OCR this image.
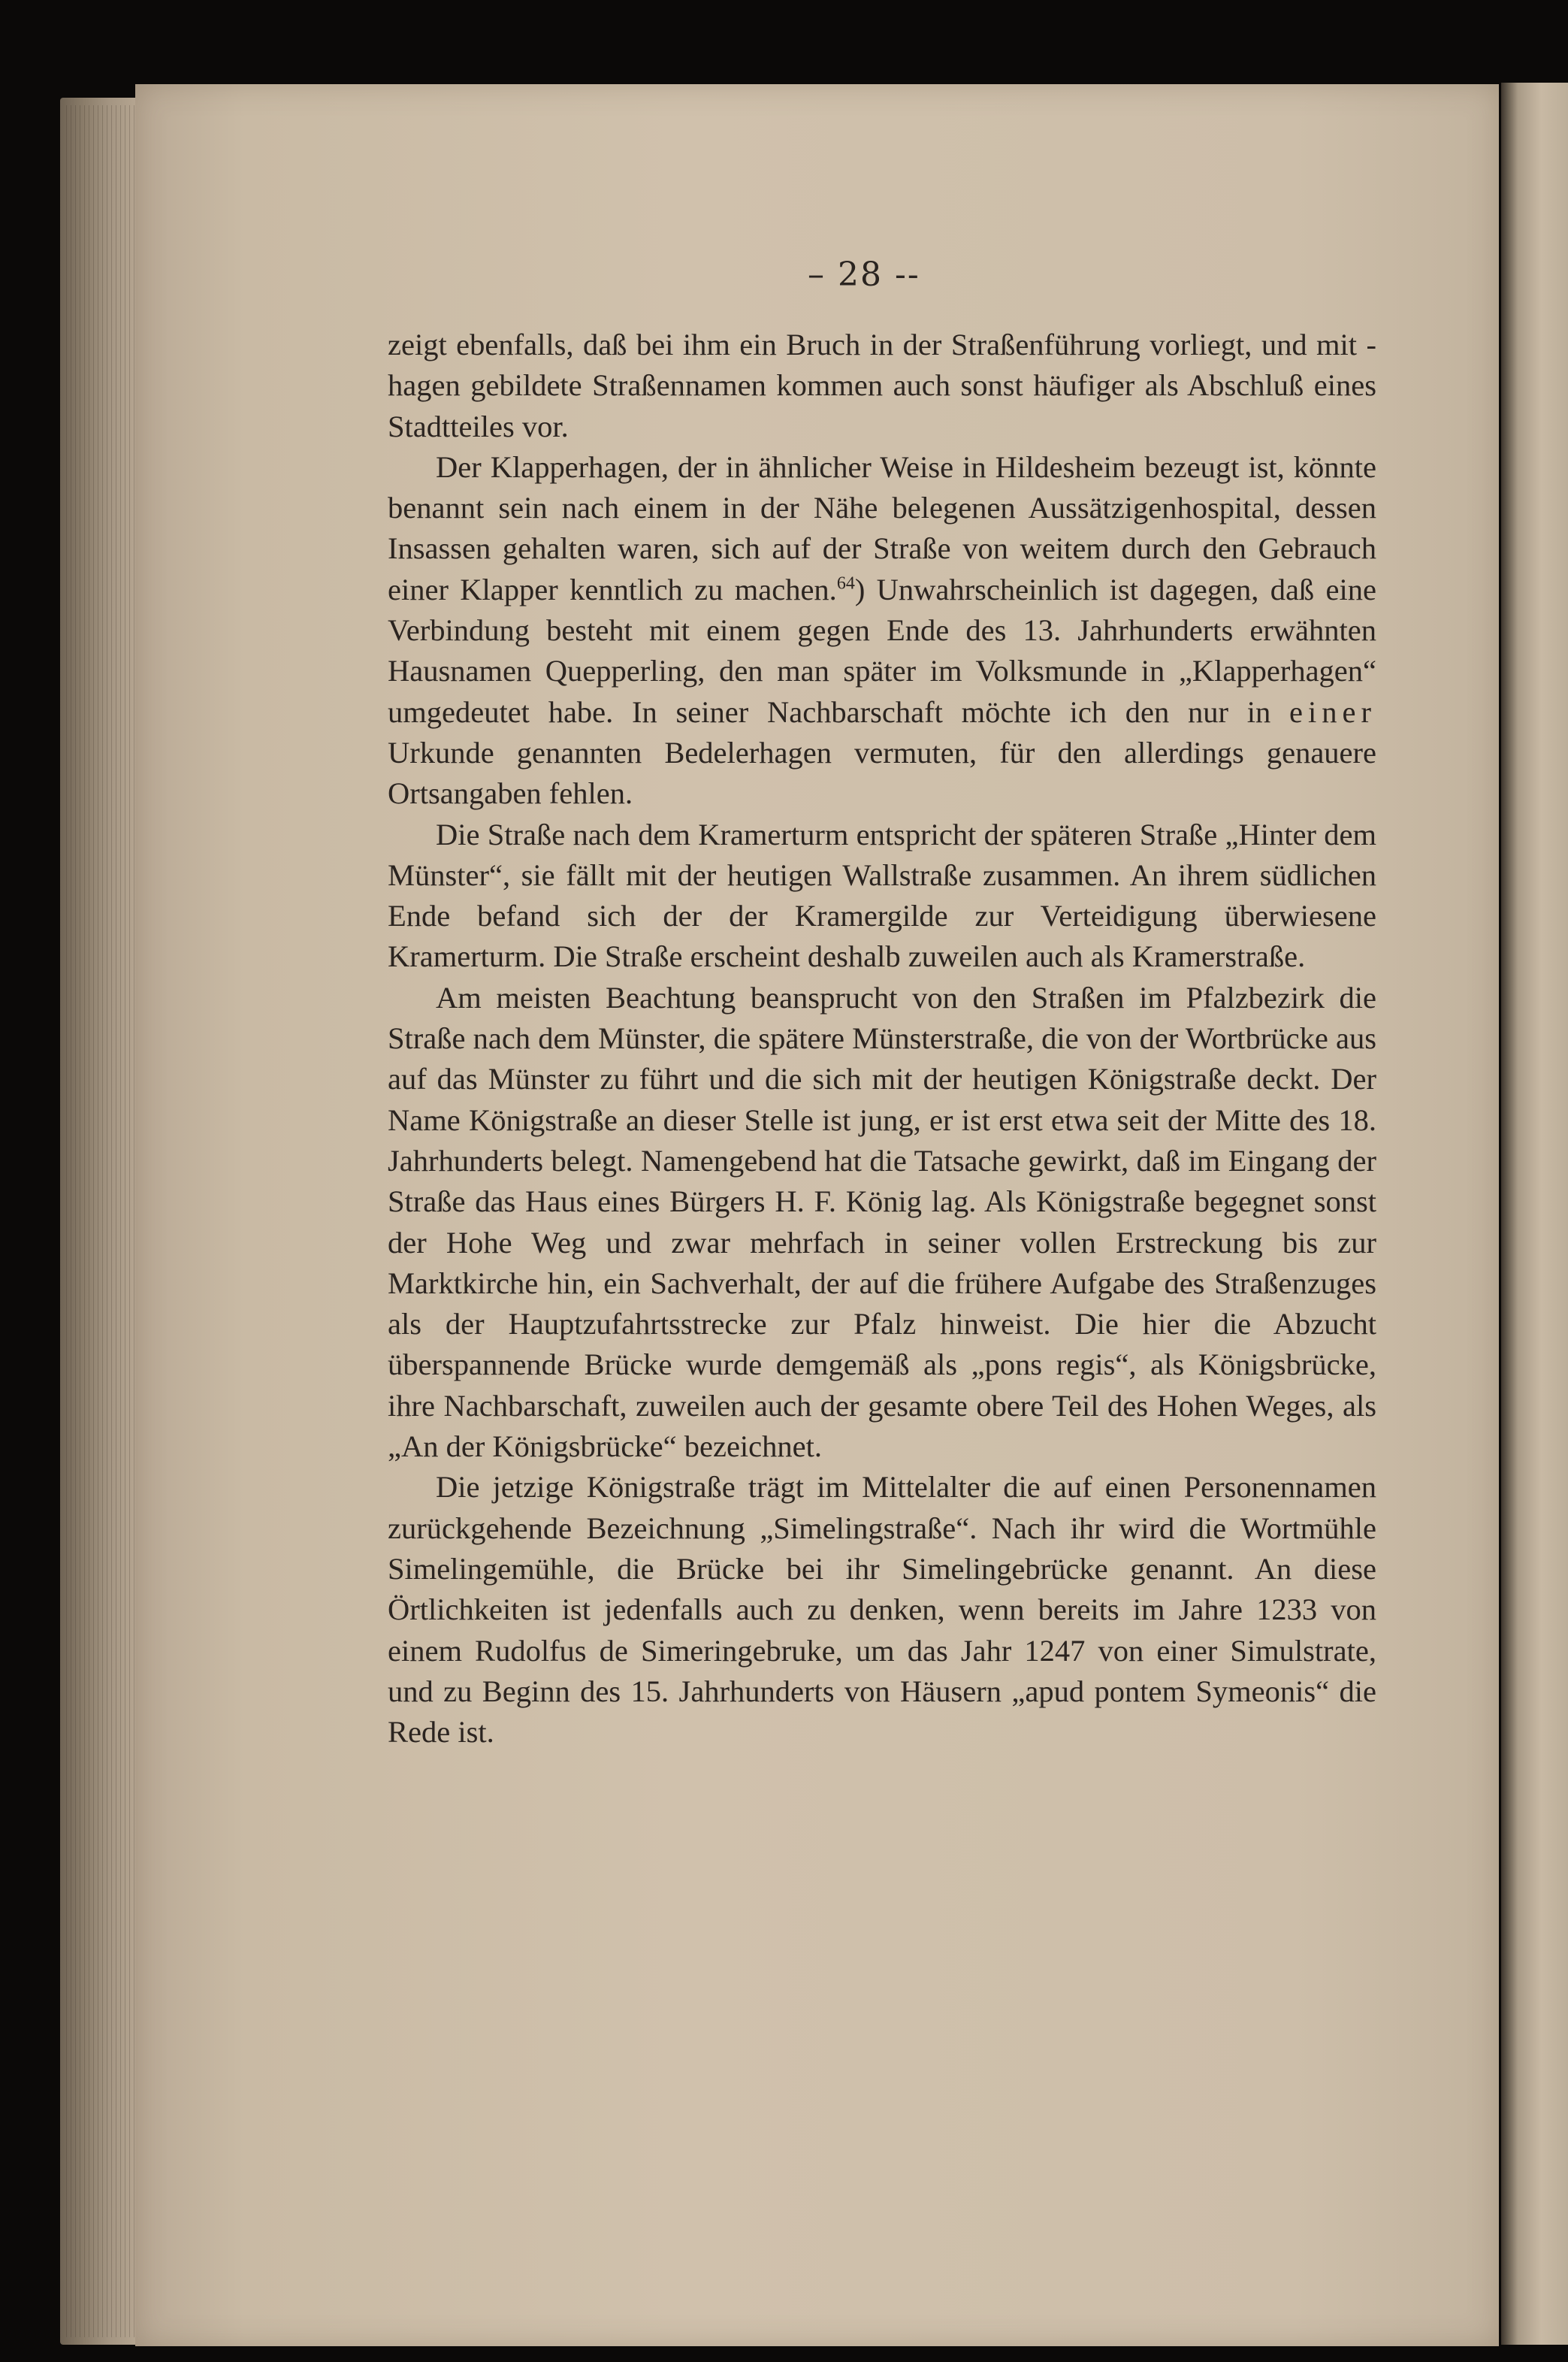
– 28 --

zeigt ebenfalls, daß bei ihm ein Bruch in der Straßenführung vorliegt, und mit -hagen gebildete Straßennamen kommen auch sonst häufiger als Abschluß eines Stadtteiles vor.

Der Klapperhagen, der in ähnlicher Weise in Hildesheim bezeugt ist, könnte benannt sein nach einem in der Nähe belegenen Aussätzigenhospital, dessen Insassen gehalten waren, sich auf der Straße von weitem durch den Gebrauch einer Klapper kenntlich zu machen.$^{64}$) Unwahrscheinlich ist dagegen, daß eine Verbindung besteht mit einem gegen Ende des 13. Jahrhunderts erwähnten Hausnamen Quepperling, den man später im Volksmunde in „Klapperhagen“ umgedeutet habe. In seiner Nachbarschaft möchte ich den nur in einer Urkunde genannten Bedelerhagen vermuten, für den allerdings genauere Ortsangaben fehlen.

Die Straße nach dem Kramerturm entspricht der späteren Straße „Hinter dem Münster“, sie fällt mit der heutigen Wallstraße zusammen. An ihrem südlichen Ende befand sich der der Kramergilde zur Verteidigung überwiesene Kramerturm. Die Straße erscheint deshalb zuweilen auch als Kramerstraße.

Am meisten Beachtung beansprucht von den Straßen im Pfalzbezirk die Straße nach dem Münster, die spätere Münsterstraße, die von der Wortbrücke aus auf das Münster zu führt und die sich mit der heutigen Königstraße deckt. Der Name Königstraße an dieser Stelle ist jung, er ist erst etwa seit der Mitte des 18. Jahrhunderts belegt. Namengebend hat die Tatsache gewirkt, daß im Eingang der Straße das Haus eines Bürgers H. F. König lag. Als Königstraße begegnet sonst der Hohe Weg und zwar mehrfach in seiner vollen Erstreckung bis zur Marktkirche hin, ein Sachverhalt, der auf die frühere Aufgabe des Straßenzuges als der Hauptzufahrtsstrecke zur Pfalz hinweist. Die hier die Abzucht überspannende Brücke wurde demgemäß als „pons regis“, als Königsbrücke, ihre Nachbarschaft, zuweilen auch der gesamte obere Teil des Hohen Weges, als „An der Königsbrücke“ bezeichnet.

Die jetzige Königstraße trägt im Mittelalter die auf einen Personennamen zurückgehende Bezeichnung „Simelingstraße“. Nach ihr wird die Wortmühle Simelingemühle, die Brücke bei ihr Simelingebrücke genannt. An diese Örtlichkeiten ist jedenfalls auch zu denken, wenn bereits im Jahre 1233 von einem Rudolfus de Simeringebruke, um das Jahr 1247 von einer Simulstrate, und zu Beginn des 15. Jahrhunderts von Häusern „apud pontem Symeonis“ die Rede ist.
